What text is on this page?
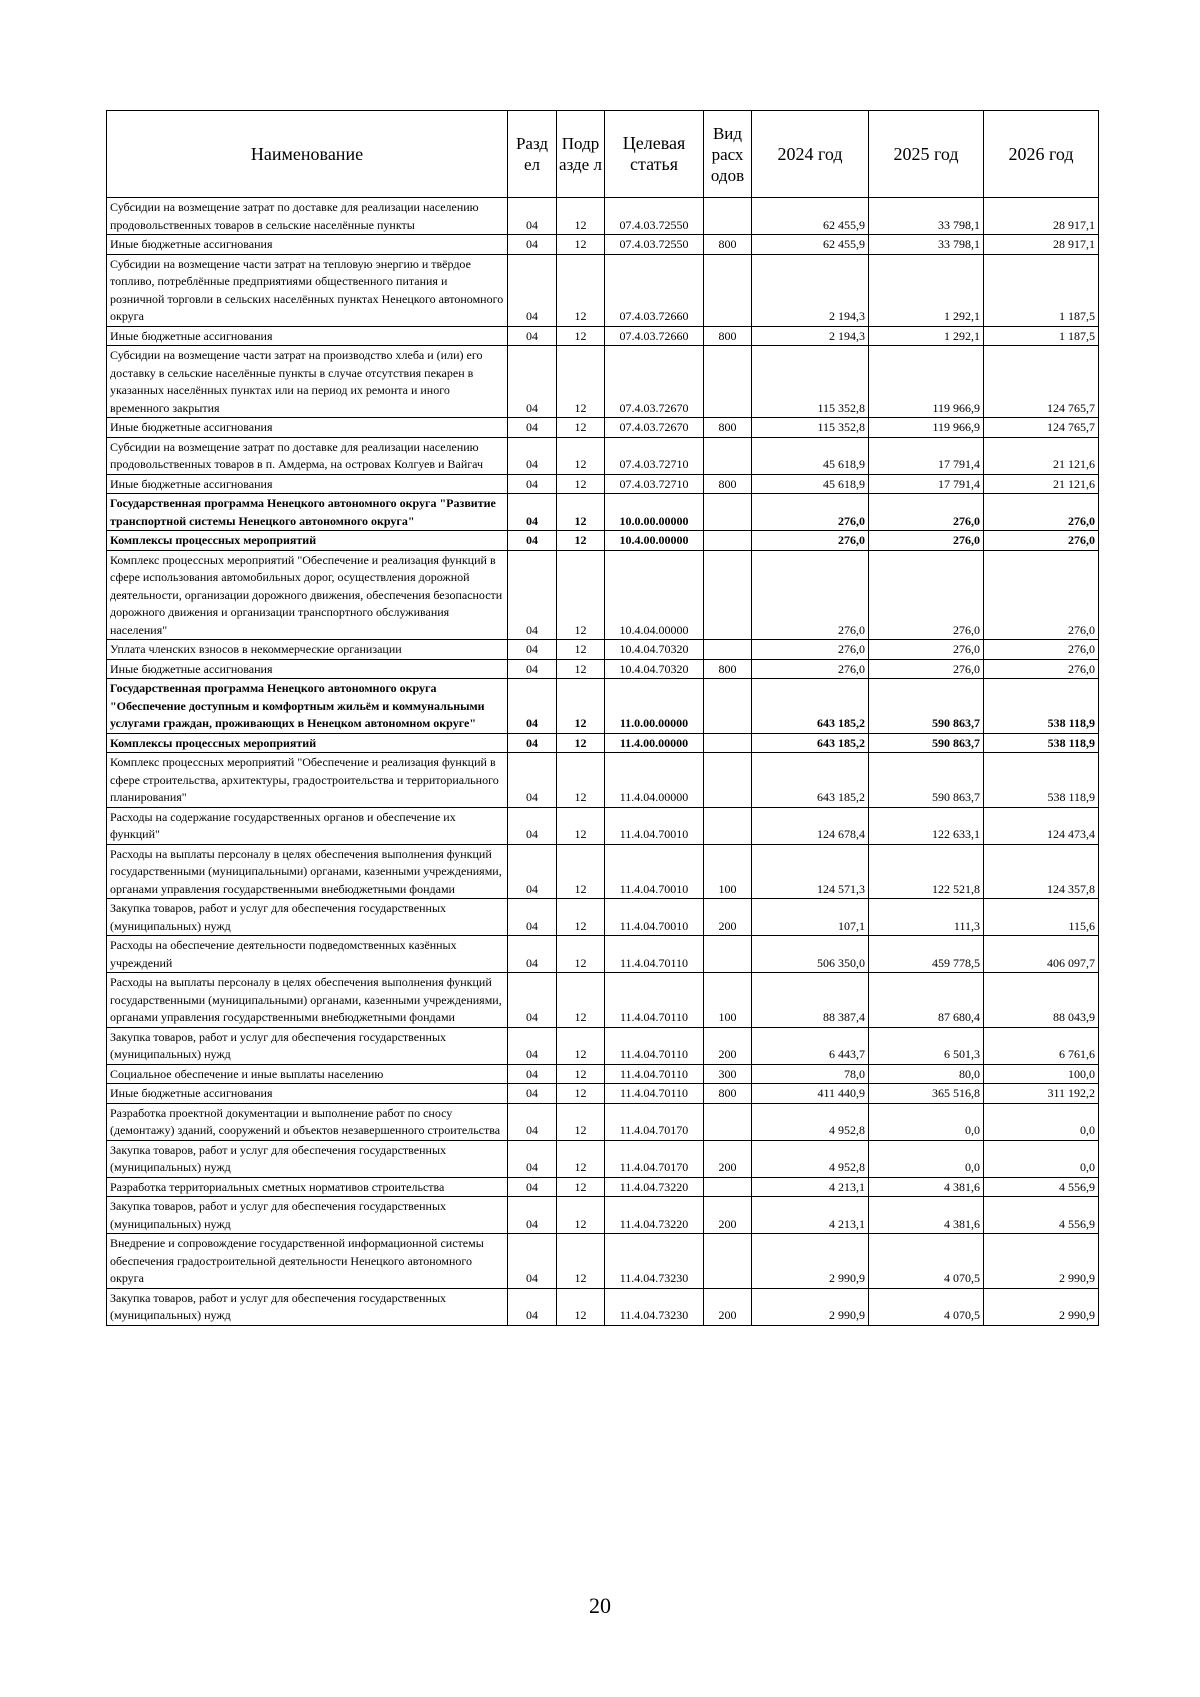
Наименование	Разд ел	Подр азде л	Целевая статья	Вид расх одов	2024 год	2025 год	2026 год
Субсидии на возмещение затрат по доставке для реализации населению продовольственных товаров в сельские населённые пункты	04	12	07.4.03.72550		62 455,9	33 798,1	28 917,1
Иные бюджетные ассигнования	04	12	07.4.03.72550	800	62 455,9	33 798,1	28 917,1
Субсидии на возмещение части затрат на тепловую энергию и твёрдое топливо, потреблённые предприятиями общественного питания и розничной торговли в сельских населённых пунктах Ненецкого автономного округа	04	12	07.4.03.72660		2 194,3	1 292,1	1 187,5
Иные бюджетные ассигнования	04	12	07.4.03.72660	800	2 194,3	1 292,1	1 187,5
Субсидии на возмещение части затрат на производство хлеба и (или) его доставку в сельские населённые пункты в случае отсутствия пекарен в указанных населённых пунктах или на период их ремонта и иного временного закрытия	04	12	07.4.03.72670		115 352,8	119 966,9	124 765,7
Иные бюджетные ассигнования	04	12	07.4.03.72670	800	115 352,8	119 966,9	124 765,7
Субсидии на возмещение затрат по доставке для реализации населению продовольственных товаров в п. Амдерма, на островах Колгуев и Вайгач	04	12	07.4.03.72710		45 618,9	17 791,4	21 121,6
Иные бюджетные ассигнования	04	12	07.4.03.72710	800	45 618,9	17 791,4	21 121,6
Государственная программа Ненецкого автономного округа "Развитие транспортной системы Ненецкого автономного округа"	04	12	10.0.00.00000		276,0	276,0	276,0
Комплексы процессных мероприятий	04	12	10.4.00.00000		276,0	276,0	276,0
Комплекс процессных мероприятий "Обеспечение и реализация функций в сфере использования автомобильных дорог, осуществления дорожной деятельности, организации дорожного движения, обеспечения безопасности дорожного движения и организации транспортного обслуживания населения"	04	12	10.4.04.00000		276,0	276,0	276,0
Уплата членских взносов в некоммерческие организации	04	12	10.4.04.70320		276,0	276,0	276,0
Иные бюджетные ассигнования	04	12	10.4.04.70320	800	276,0	276,0	276,0
Государственная программа Ненецкого автономного округа "Обеспечение доступным и комфортным жильём и коммунальными услугами граждан, проживающих в Ненецком автономном округе"	04	12	11.0.00.00000		643 185,2	590 863,7	538 118,9
Комплексы процессных мероприятий	04	12	11.4.00.00000		643 185,2	590 863,7	538 118,9
Комплекс процессных мероприятий "Обеспечение и реализация функций в сфере строительства, архитектуры, градостроительства и территориального планирования"	04	12	11.4.04.00000		643 185,2	590 863,7	538 118,9
Расходы на содержание государственных органов и обеспечение их функций"	04	12	11.4.04.70010		124 678,4	122 633,1	124 473,4
Расходы на выплаты персоналу в целях обеспечения выполнения функций государственными (муниципальными) органами, казенными учреждениями, органами управления государственными внебюджетными фондами	04	12	11.4.04.70010	100	124 571,3	122 521,8	124 357,8
Закупка товаров, работ и услуг для обеспечения государственных (муниципальных) нужд	04	12	11.4.04.70010	200	107,1	111,3	115,6
Расходы на обеспечение деятельности подведомственных казённых учреждений	04	12	11.4.04.70110		506 350,0	459 778,5	406 097,7
Расходы на выплаты персоналу в целях обеспечения выполнения функций государственными (муниципальными) органами, казенными учреждениями, органами управления государственными внебюджетными фондами	04	12	11.4.04.70110	100	88 387,4	87 680,4	88 043,9
Закупка товаров, работ и услуг для обеспечения государственных (муниципальных) нужд	04	12	11.4.04.70110	200	6 443,7	6 501,3	6 761,6
Социальное обеспечение и иные выплаты населению	04	12	11.4.04.70110	300	78,0	80,0	100,0
Иные бюджетные ассигнования	04	12	11.4.04.70110	800	411 440,9	365 516,8	311 192,2
Разработка проектной документации и выполнение работ по сносу (демонтажу) зданий, сооружений и объектов незавершенного строительства	04	12	11.4.04.70170		4 952,8	0,0	0,0
Закупка товаров, работ и услуг для обеспечения государственных (муниципальных) нужд	04	12	11.4.04.70170	200	4 952,8	0,0	0,0
Разработка территориальных сметных нормативов строительства	04	12	11.4.04.73220		4 213,1	4 381,6	4 556,9
Закупка товаров, работ и услуг для обеспечения государственных (муниципальных) нужд	04	12	11.4.04.73220	200	4 213,1	4 381,6	4 556,9
Внедрение и сопровождение государственной информационной системы обеспечения градостроительной деятельности Ненецкого автономного округа	04	12	11.4.04.73230		2 990,9	4 070,5	2 990,9
Закупка товаров, работ и услуг для обеспечения государственных (муниципальных) нужд	04	12	11.4.04.73230	200	2 990,9	4 070,5	2 990,9
20
